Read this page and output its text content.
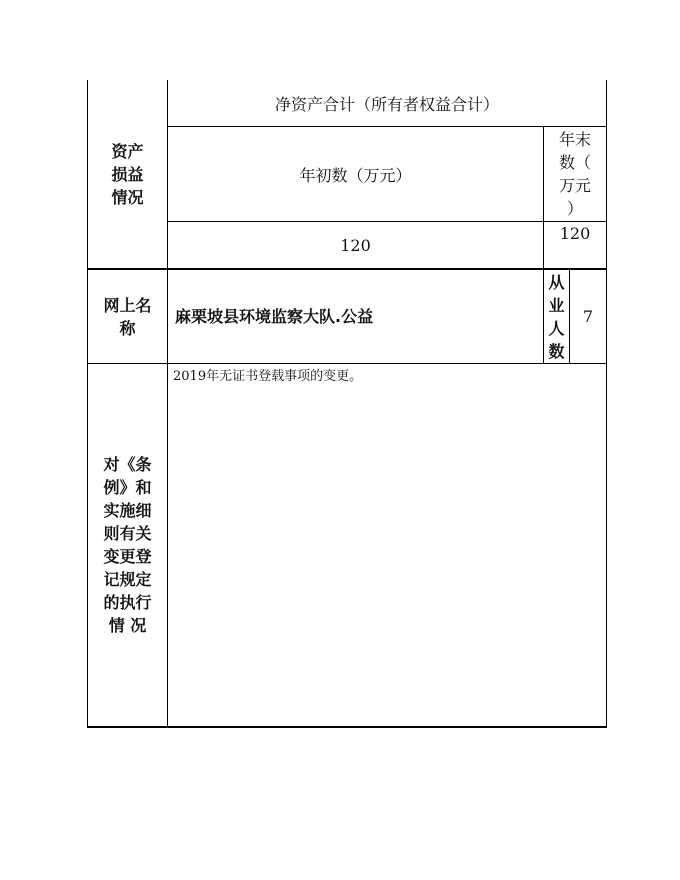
资产
损益
情况
净资产合计（所有者权益合计）
年初数（万元）
年末
数（
万元
）
120
120
网上名
称
麻栗坡县环境监察大队.公益
从
业
人
数
7
对《条
例》和
实施细
则有关
变更登
记规定
的执行
情 况
2019年无证书登载事项的变更。
